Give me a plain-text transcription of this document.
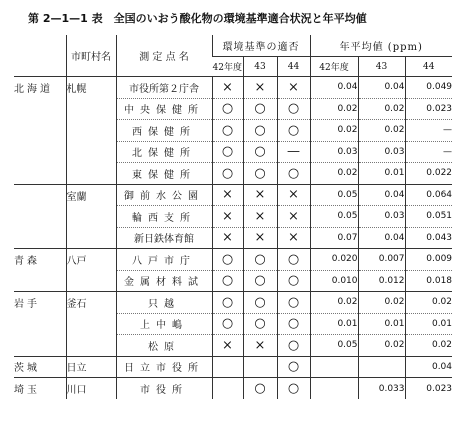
第 2—1—1 表　全国のいおう酸化物の環境基準適合状況と年平均値
	市町村名	測 定 点 名	環境基準の適否			年平均値 (ppm)		
			42年度	43	44	42年度	43	44
北海道	札幌	市役所第２庁舎	×	×	×	0.04	0.04	0.049
		中央保健所	○	○	○	0.02	0.02	0.023
		西保健所	○	○	○	0.02	0.02	—
		北保健所	○	○	—	0.03	0.03	—
		東保健所	○	○	○	0.02	0.01	0.022
	室蘭	御前水公園	×	×	×	0.05	0.04	0.064
		輪西支所	×	×	×	0.05	0.03	0.051
		新日鉄体育館	×	×	×	0.07	0.04	0.043
青森	八戸	八戸市庁	○	○	○	0.020	0.007	0.009
		金属材料試	○	○	○	0.010	0.012	0.018
岩手	釜石	只越	○	○	○	0.02	0.02	0.02
		上中嶋	○	○	○	0.01	0.01	0.01
		松原	×	×	○	0.05	0.02	0.02
茨城	日立	日立市役所			○			0.04
埼玉	川口	市役所		○	○		0.033	0.023
